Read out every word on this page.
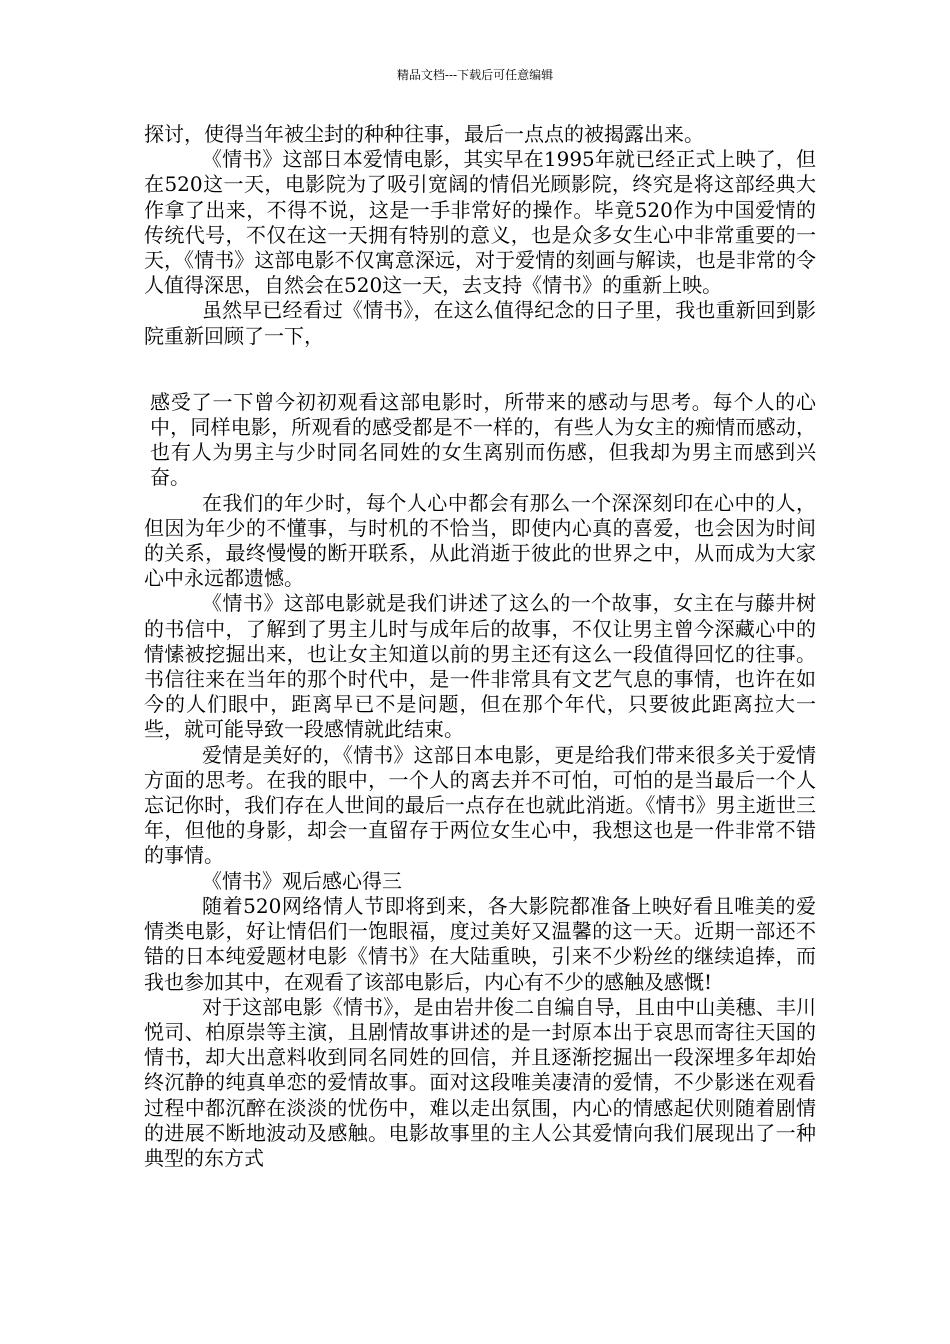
精品文档---下载后可任意编辑

探讨，使得当年被尘封的种种往事，最后一点点的被揭露出来。

《情书》这部日本爱情电影，其实早在1995年就已经正式上映了，但在520这一天，电影院为了吸引宽阔的情侣光顾影院，终究是将这部经典大作拿了出来，不得不说，这是一手非常好的操作。毕竟520作为中国爱情的传统代号，不仅在这一天拥有特别的意义，也是众多女生心中非常重要的一天，《情书》这部电影不仅寓意深远，对于爱情的刻画与解读，也是非常的令人值得深思，自然会在520这一天，去支持《情书》的重新上映。

虽然早已经看过《情书》，在这么值得纪念的日子里，我也重新回到影院重新回顾了一下，

感受了一下曾今初初观看这部电影时，所带来的感动与思考。每个人的心中，同样电影，所观看的感受都是不一样的，有些人为女主的痴情而感动，也有人为男主与少时同名同姓的女生离别而伤感，但我却为男主而感到兴奋。

在我们的年少时，每个人心中都会有那么一个深深刻印在心中的人，但因为年少的不懂事，与时机的不恰当，即使内心真的喜爱，也会因为时间的关系，最终慢慢的断开联系，从此消逝于彼此的世界之中，从而成为大家心中永远都遗憾。

《情书》这部电影就是我们讲述了这么的一个故事，女主在与藤井树的书信中，了解到了男主儿时与成年后的故事，不仅让男主曾今深藏心中的情愫被挖掘出来，也让女主知道以前的男主还有这么一段值得回忆的往事。书信往来在当年的那个时代中，是一件非常具有文艺气息的事情，也许在如今的人们眼中，距离早已不是问题，但在那个年代，只要彼此距离拉大一些，就可能导致一段感情就此结束。

爱情是美好的，《情书》这部日本电影，更是给我们带来很多关于爱情方面的思考。在我的眼中，一个人的离去并不可怕，可怕的是当最后一个人忘记你时，我们存在人世间的最后一点存在也就此消逝。《情书》男主逝世三年，但他的身影，却会一直留存于两位女生心中，我想这也是一件非常不错的事情。

《情书》观后感心得三

随着520网络情人节即将到来，各大影院都准备上映好看且唯美的爱情类电影，好让情侣们一饱眼福，度过美好又温馨的这一天。近期一部还不错的日本纯爱题材电影《情书》在大陆重映，引来不少粉丝的继续追捧，而我也参加其中，在观看了该部电影后，内心有不少的感触及感慨!

对于这部电影《情书》，是由岩井俊二自编自导，且由中山美穗、丰川悦司、柏原崇等主演，且剧情故事讲述的是一封原本出于哀思而寄往天国的情书，却大出意料收到同名同姓的回信，并且逐渐挖掘出一段深埋多年却始终沉静的纯真单恋的爱情故事。面对这段唯美凄清的爱情，不少影迷在观看过程中都沉醉在淡淡的忧伤中，难以走出氛围，内心的情感起伏则随着剧情的进展不断地波动及感触。电影故事里的主人公其爱情向我们展现出了一种典型的东方式
